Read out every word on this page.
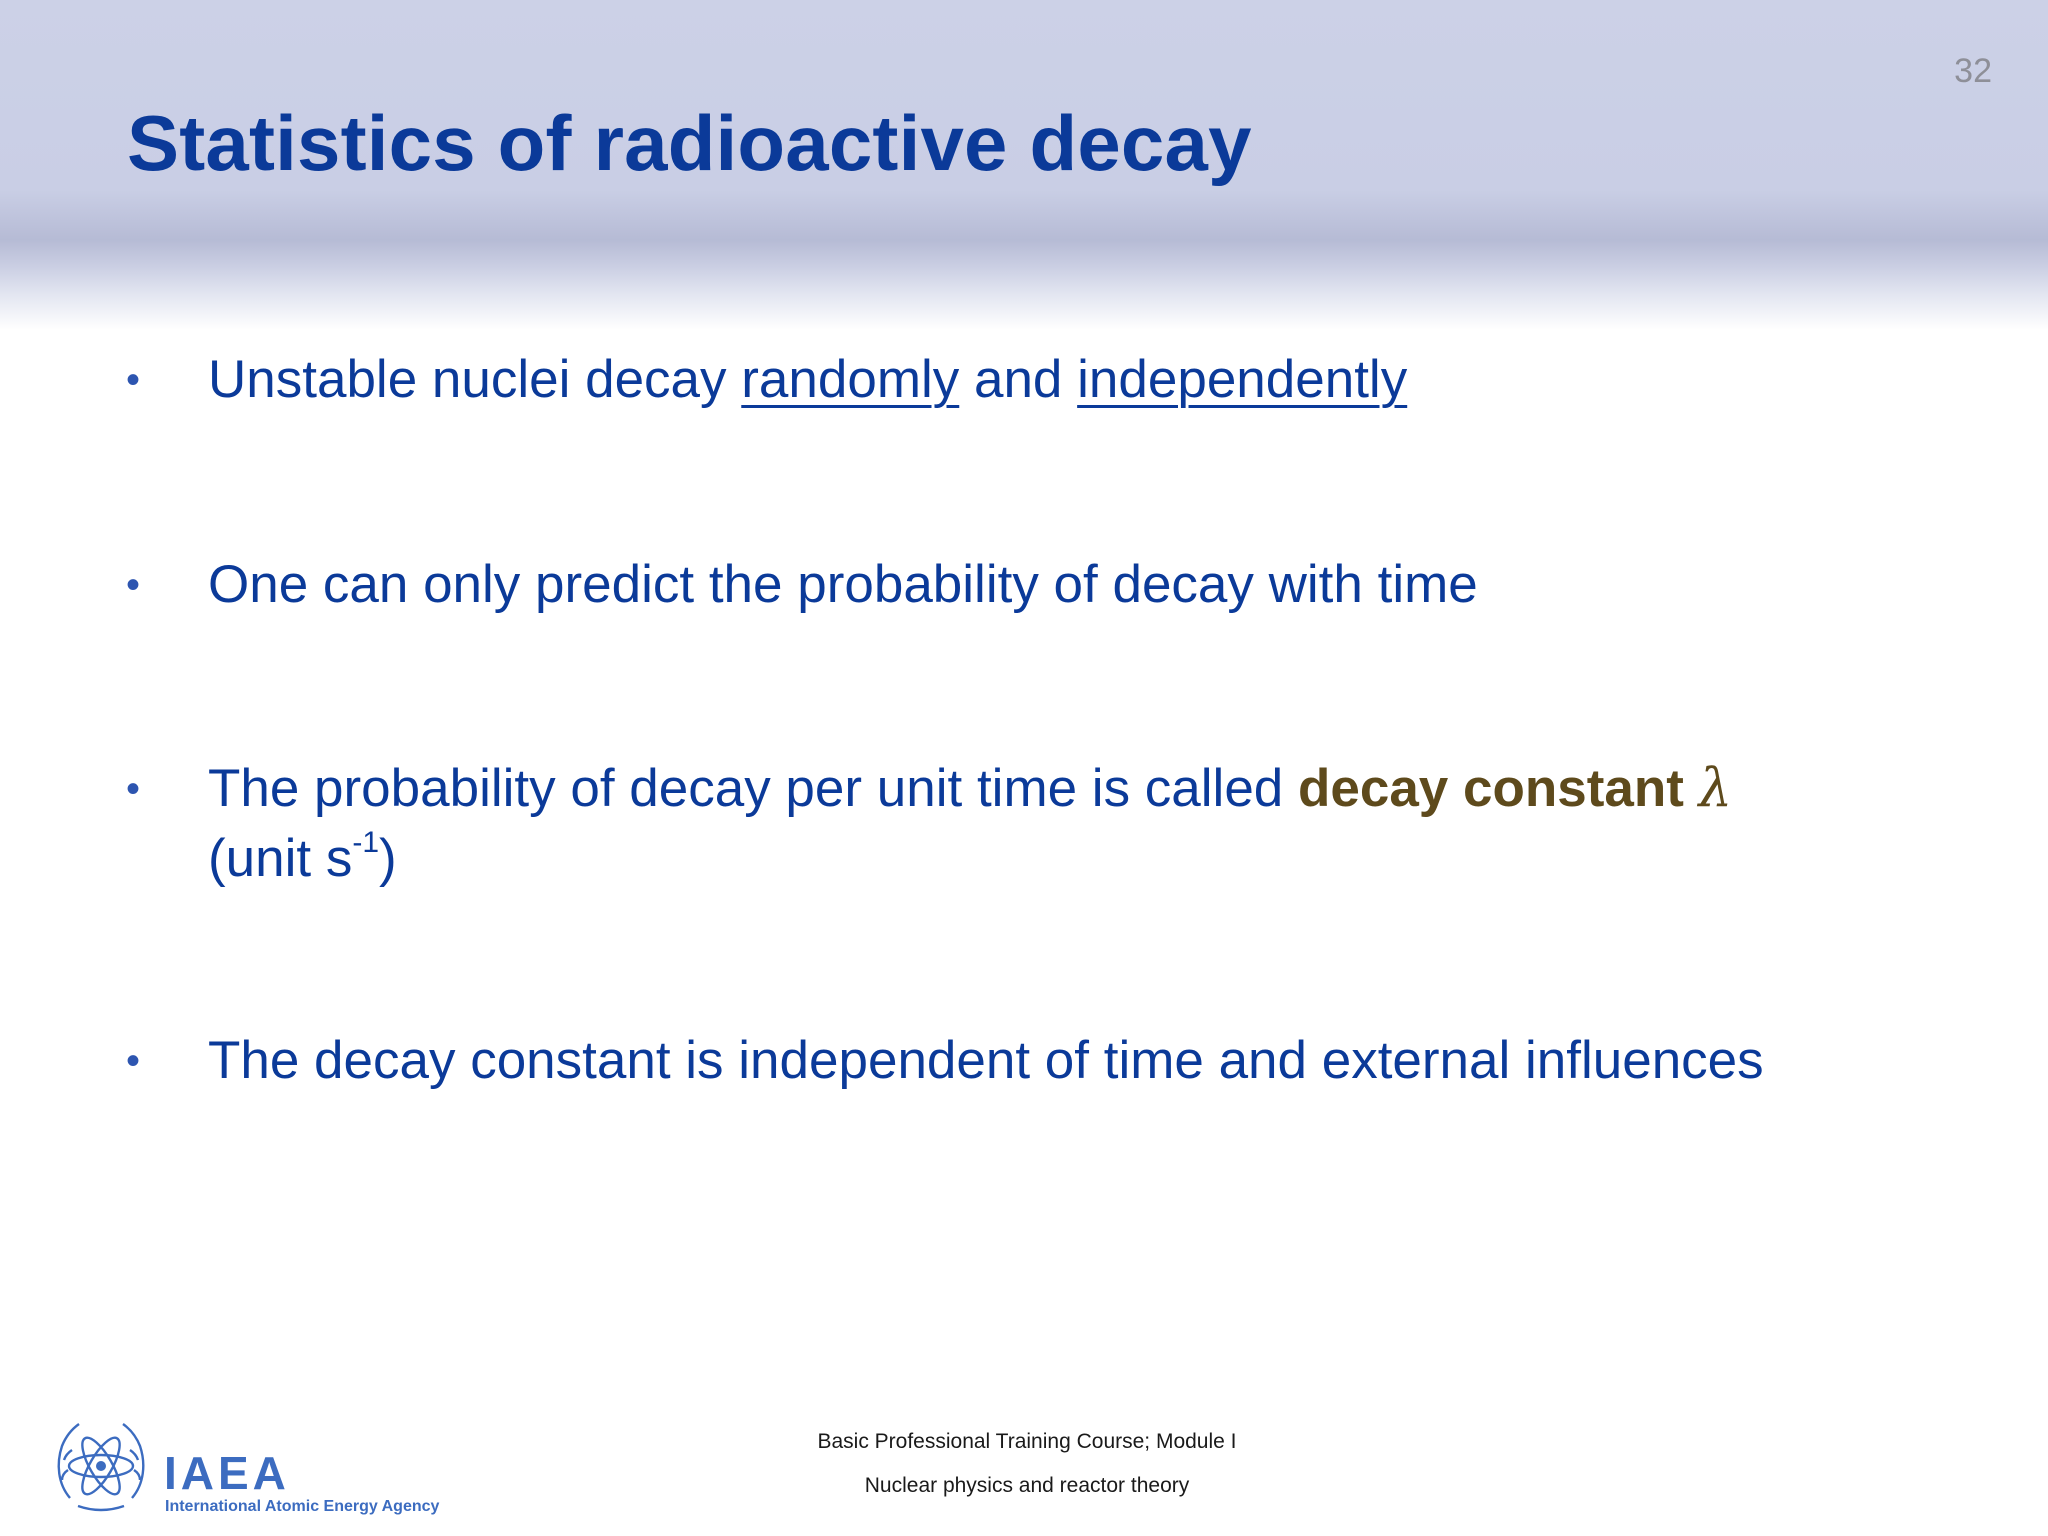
32
Statistics of radioactive decay
• Unstable nuclei decay randomly and independently
• One can only predict the probability of decay with time
• The probability of decay per unit time is called decay constant λ
(unit $s^{-1}$)
• The decay constant is independent of time and external influences
IAEA
International Atomic Energy Agency
Basic Professional Training Course; Module I
Nuclear physics and reactor theory
